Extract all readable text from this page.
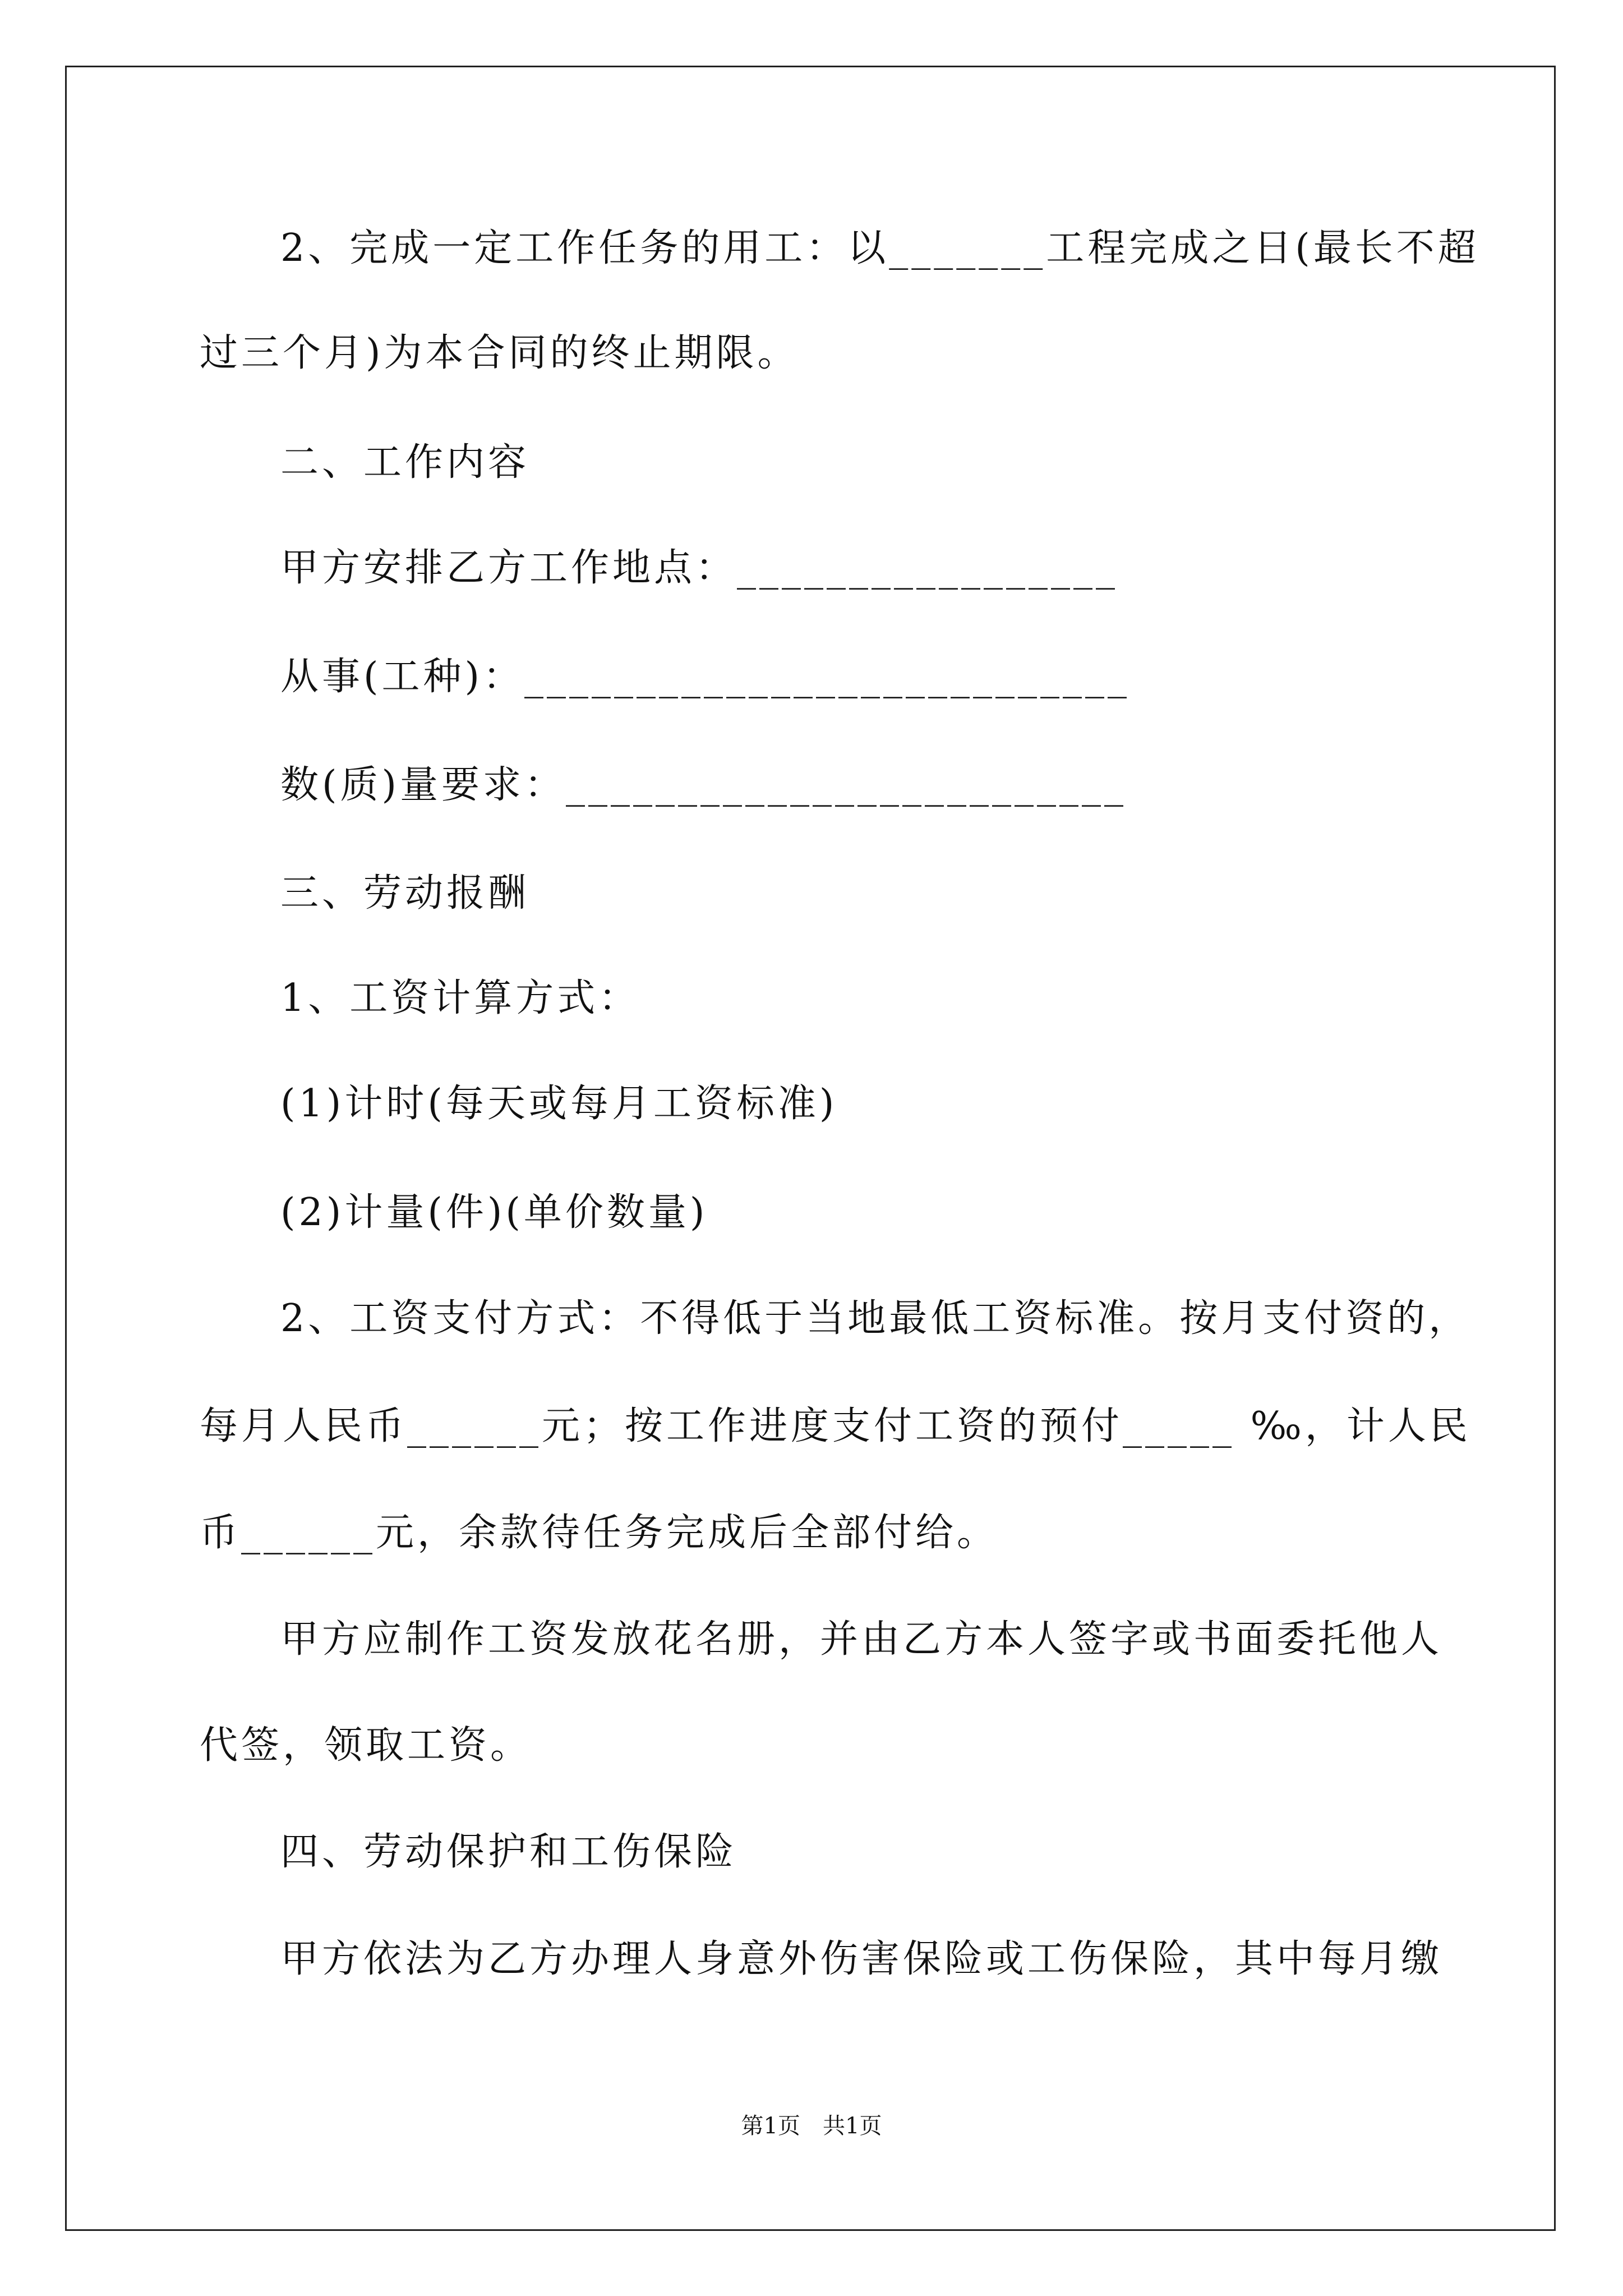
2、完成一定工作任务的用工：以_______工程完成之日(最长不超
过三个月)为本合同的终止期限。
二、工作内容
甲方安排乙方工作地点：_________________
从事(工种)：___________________________
数(质)量要求：_________________________
三、劳动报酬
1、工资计算方式：
(1)计时(每天或每月工资标准)
(2)计量(件)(单价数量)
2、工资支付方式：不得低于当地最低工资标准。按月支付资的，
每月人民币______元；按工作进度支付工资的预付_____ ‰，计人民
币______元，余款待任务完成后全部付给。
甲方应制作工资发放花名册，并由乙方本人签字或书面委托他人
代签，领取工资。
四、劳动保护和工伤保险
甲方依法为乙方办理人身意外伤害保险或工伤保险，其中每月缴
第1页　共1页
